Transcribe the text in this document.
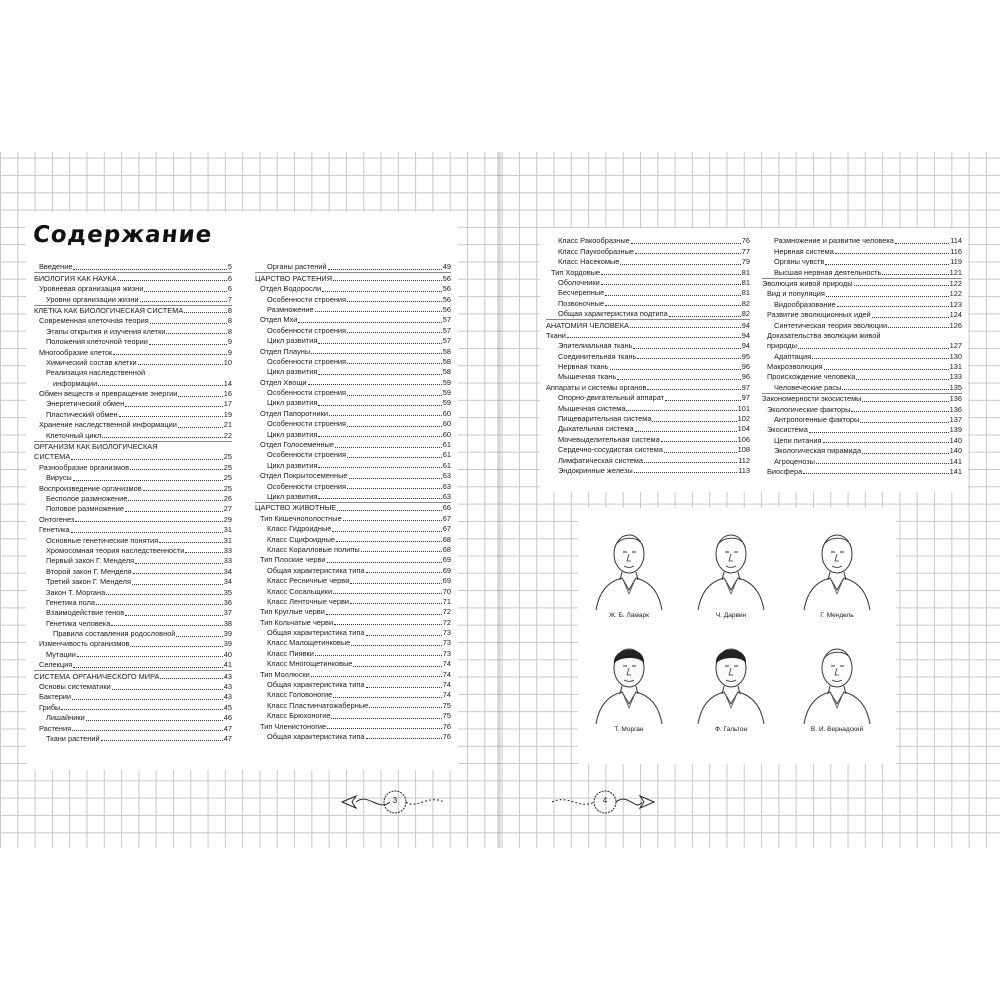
Содержание
Введение	5
БИОЛОГИЯ КАК НАУКА	6
Уровневая организация жизни	6
Уровни организации жизни	7
КЛЕТКА КАК БИОЛОГИЧЕСКАЯ СИСТЕМА	8
Современная клеточная теория	8
Этапы открытия и изучения клетки	8
Положения клеточной теории	9
Многообразие клеток	9
Химический состав клетки	10
Реализация наследственной
информации	14
Обмен веществ и превращение энергии	16
Энергетический обмен	17
Пластический обмен	19
Хранение наследственной информации	21
Клеточный цикл	22
ОРГАНИЗМ КАК БИОЛОГИЧЕСКАЯ
СИСТЕМА	25
Разнообразие организмов	25
Вирусы	25
Воспроизведение организмов	25
Бесполое размножение	26
Половое размножение	27
Онтогенез	29
Генетика	31
Основные генетические понятия	31
Хромосомная теория наследственности	33
Первый закон Г. Менделя	33
Второй закон Г. Менделя	34
Третий закон Г. Менделя	34
Закон Т. Моргана	35
Генетика пола	36
Взаимодействие генов	37
Генетика человека	38
Правила составления родословной	39
Изменчивость организмов	39
Мутации	40
Селекция	41
СИСТЕМА ОРГАНИЧЕСКОГО МИРА	43
Основы систематики	43
Бактерии	43
Грибы	45
Лишайники	46
Растения	47
Ткани растений	47
Органы растений	49
ЦАРСТВО РАСТЕНИЯ	56
Отдел Водоросли	56
Особенности строения	56
Размножение	56
Отдел Мхи	57
Особенности строения	57
Цикл развития	57
Отдел Плауны	58
Особенности строения	58
Цикл развития	58
Отдел Хвощи	59
Особенности строения	59
Цикл развития	59
Отдел Папоротники	60
Особенности строения	60
Цикл развития	60
Отдел Голосеменные	61
Особенности строения	61
Цикл развития	61
Отдел Покрытосеменные	63
Особенности строения	63
Цикл развития	63
ЦАРСТВО ЖИВОТНЫЕ	66
Тип Кишечнополостные	67
Класс Гидроидные	67
Класс Сцифоидные	68
Класс Коралловые полипы	68
Тип Плоские черви	69
Общая характеристика типа	69
Класс Ресничные черви	69
Класс Сосальщики	70
Класс Ленточные черви	71
Тип Круглые черви	72
Тип Кольчатые черви	72
Общая характеристика типа	73
Класс Малощетинковые	73
Класс Пиявки	73
Класс Многощетинковые	74
Тип Моллюски	74
Общая характеристика типа	74
Класс Головоногие	74
Класс Пластинчатожаберные	75
Класс Брюхоногие	75
Тип Членистоногие	76
Общая характеристика типа	76
Класс Ракообразные	76
Класс Паукообразные	77
Класс Насекомые	79
Тип Хордовые	81
Оболочники	81
Бесчерепные	81
Позвоночные	82
Общая характеристика подтипа	82
АНАТОМИЯ ЧЕЛОВЕКА	94
Ткани	94
Эпителиальная ткань	94
Соединительная ткань	95
Нервная ткань	96
Мышечная ткань	96
Аппараты и системы органов	97
Опорно-двигательный аппарат	97
Мышечная система	101
Пищеварительная система	102
Дыхательная система	104
Мочевыделительная система	106
Сердечно-сосудистая система	108
Лимфатическая система	112
Эндокринные железы	113
Размножение и развитие человека	114
Нервная система	116
Органы чувств	119
Высшая нервная деятельность	121
Эволюция живой природы	122
Вид и популяция	122
Видообразование	123
Развитие эволюционных идей	124
Синтетическая теория эволюции	126
Доказательства эволюции живой
природы	127
Адаптация	130
Макроэволюция	131
Происхождение человека	133
Человеческие расы	135
Закономерности экосистемы	136
Экологические факторы	136
Антропогенные факторы	137
Экосистема	139
Цепи питания	140
Экологическая пирамида	140
Агроценозы	141
Биосфера	141
Ж. Б. Ламарк	Ч. Дарвин	Г. Мендель
Т. Морган	Ф. Гальтон	В. И. Вернадский
3	4
